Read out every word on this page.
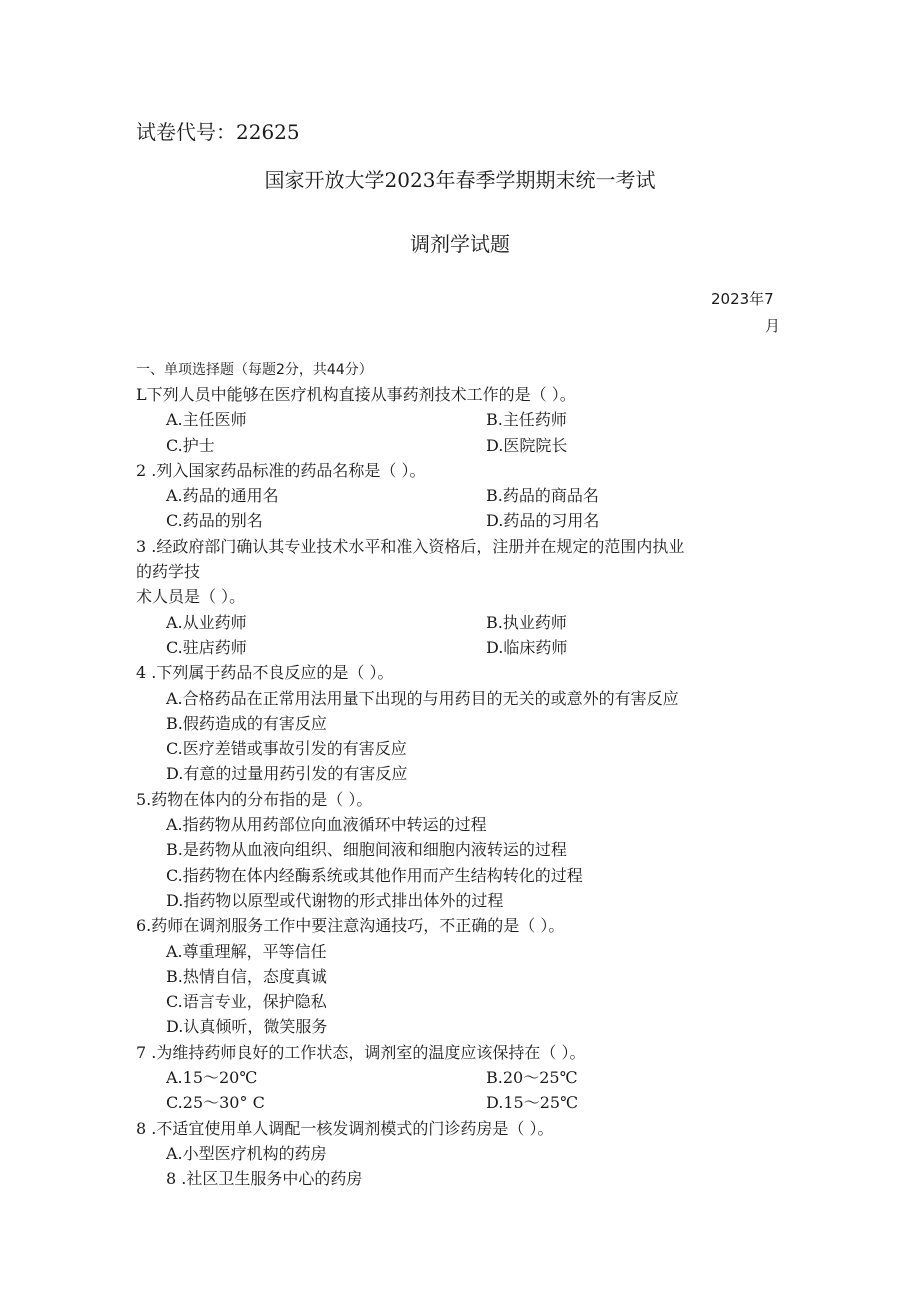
试卷代号：22625
国家开放大学2023年春季学期期末统一考试
调剂学试题
2023年7
月
一、单项选择题（每题2分，共44分）
L下列人员中能够在医疗机构直接从事药剂技术工作的是（ ）。
A.主任医师	B.主任药师
C.护士	D.医院院长
2 .列入国家药品标准的药品名称是（ ）。
A.药品的通用名	B.药品的商品名
C.药品的别名	D.药品的习用名
3 .经政府部门确认其专业技术水平和准入资格后，注册并在规定的范围内执业
的药学技
术人员是（ ）。
A.从业药师	B.执业药师
C.驻店药师	D.临床药师
4 .下列属于药品不良反应的是（ ）。
A.合格药品在正常用法用量下出现的与用药目的无关的或意外的有害反应
B.假药造成的有害反应
C.医疗差错或事故引发的有害反应
D.有意的过量用药引发的有害反应
5.药物在体内的分布指的是（ ）。
A.指药物从用药部位向血液循环中转运的过程
B.是药物从血液向组织、细胞间液和细胞内液转运的过程
C.指药物在体内经酶系统或其他作用而产生结构转化的过程
D.指药物以原型或代谢物的形式排出体外的过程
6.药师在调剂服务工作中要注意沟通技巧，不正确的是（ ）。
A.尊重理解，平等信任
B.热情自信，态度真诚
C.语言专业，保护隐私
D.认真倾听，微笑服务
7 .为维持药师良好的工作状态，调剂室的温度应该保持在（ ）。
A.15～20℃	B.20～25℃
C.25～30° C	D.15～25℃
8 .不适宜使用单人调配一核发调剂模式的门诊药房是（ ）。
A.小型医疗机构的药房
8 .社区卫生服务中心的药房
